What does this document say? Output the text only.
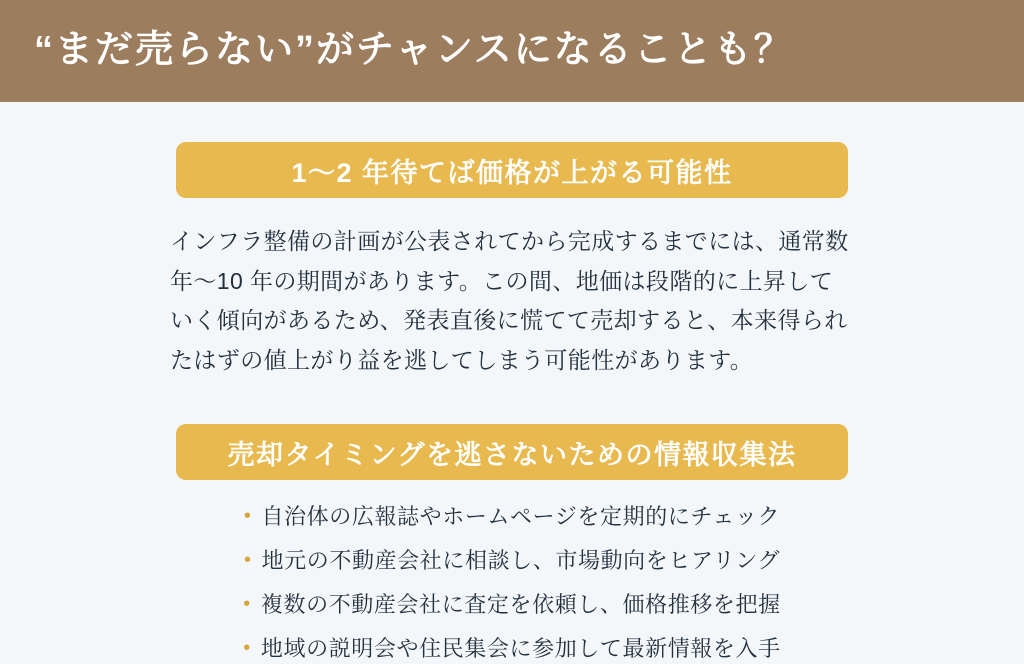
“まだ売らない”がチャンスになることも？
1〜2 年待てば価格が上がる可能性
インフラ整備の計画が公表されてから完成するまでには、通常数年〜10 年の期間があります。この間、地価は段階的に上昇していく傾向があるため、発表直後に慌てて売却すると、本来得られたはずの値上がり益を逃してしまう可能性があります。
売却タイミングを逃さないための情報収集法
• 自治体の広報誌やホームページを定期的にチェック
• 地元の不動産会社に相談し、市場動向をヒアリング
• 複数の不動産会社に査定を依頼し、価格推移を把握
• 地域の説明会や住民集会に参加して最新情報を入手
